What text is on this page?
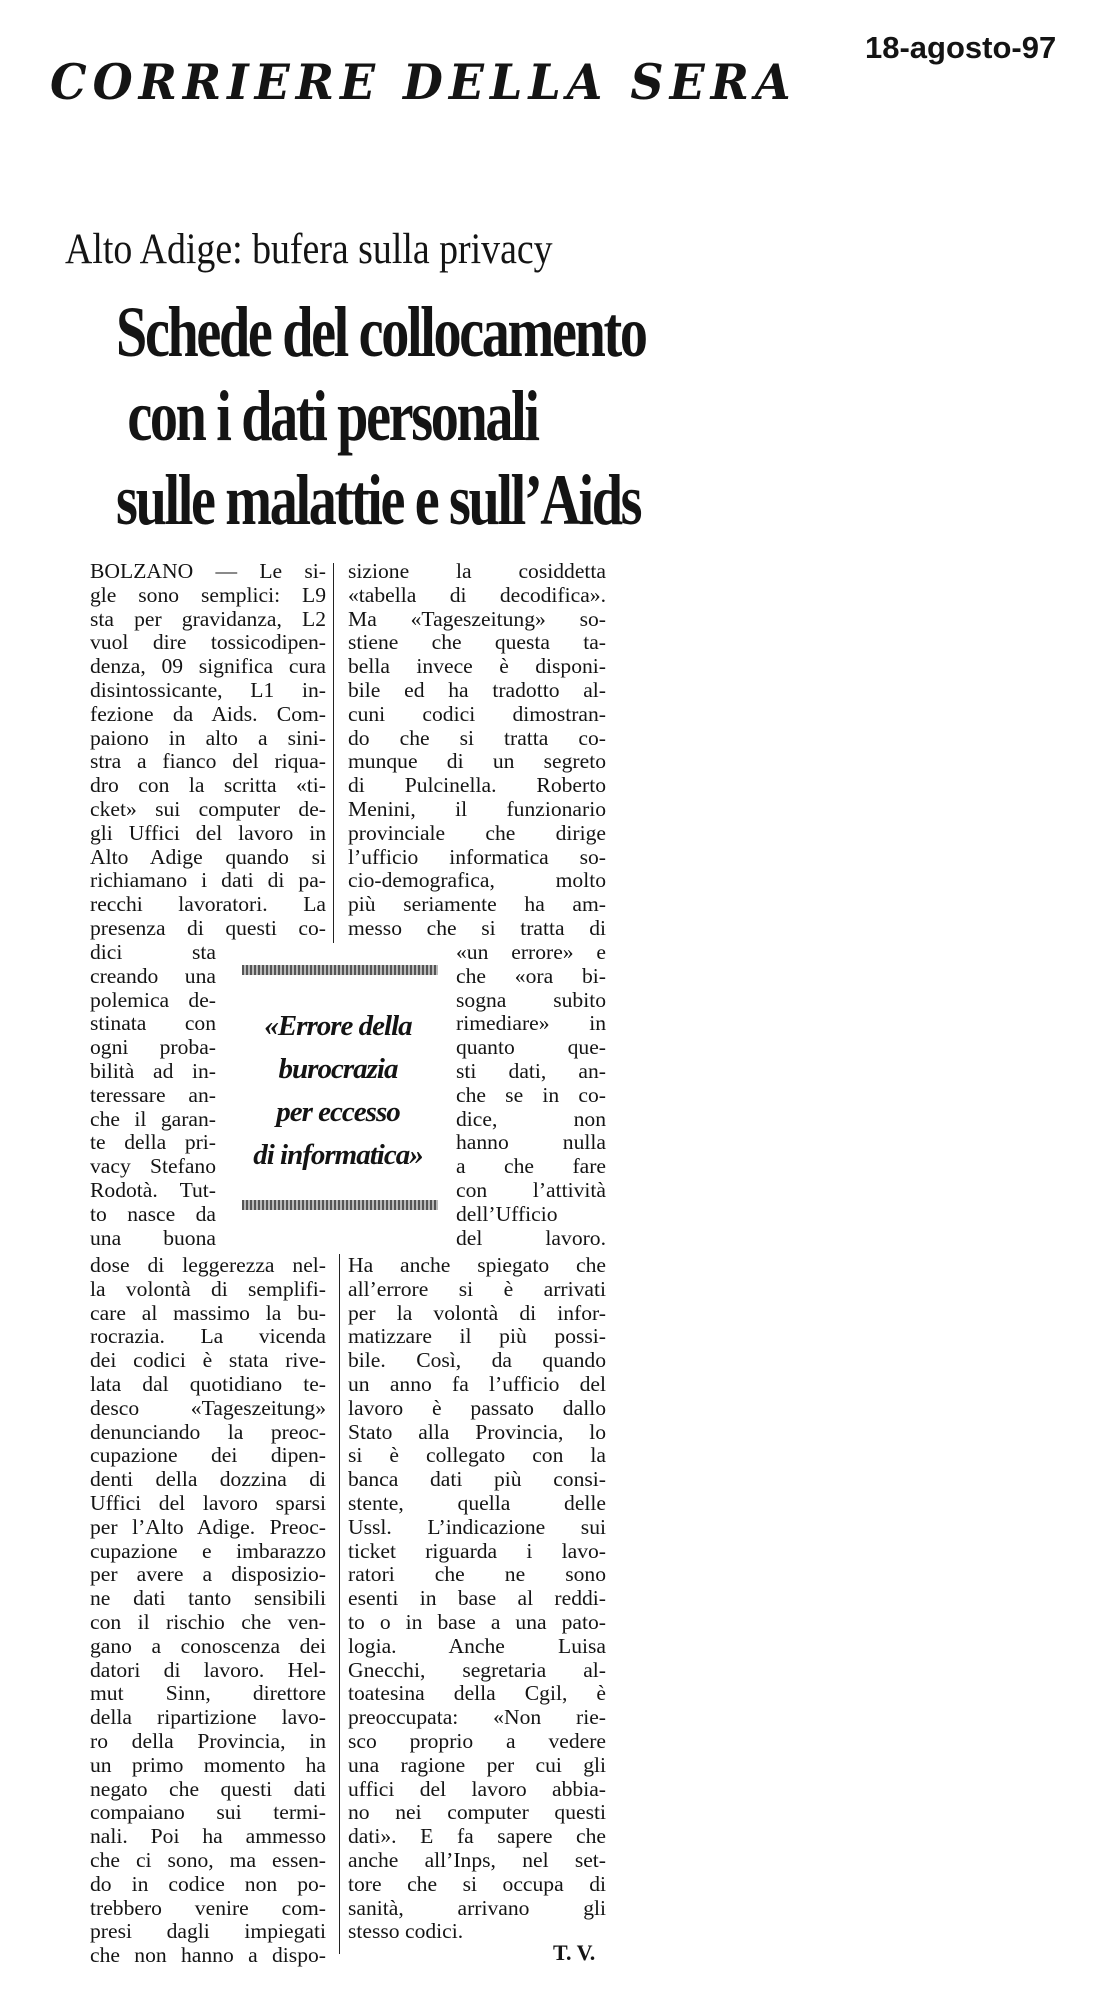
CORRIERE DELLA SERA
18-agosto-97
Alto Adige: bufera sulla privacy
Schede del collocamento
con i dati personali
sulle malattie e sull’Aids
BOLZANO — Le si-
gle sono semplici: L9
sta per gravidanza, L2
vuol dire tossicodipen-
denza, 09 significa cura
disintossicante, L1 in-
fezione da Aids. Com-
paiono in alto a sini-
stra a fianco del riqua-
dro con la scritta «ti-
cket» sui computer de-
gli Uffici del lavoro in
Alto Adige quando si
richiamano i dati di pa-
recchi lavoratori. La
presenza di questi co-
dici sta
creando una
polemica de-
stinata con
ogni proba-
bilità ad in-
teressare an-
che il garan-
te della pri-
vacy Stefano
Rodotà. Tut-
to nasce da
una buona
dose di leggerezza nel-
la volontà di semplifi-
care al massimo la bu-
rocrazia. La vicenda
dei codici è stata rive-
lata dal quotidiano te-
desco «Tageszeitung»
denunciando la preoc-
cupazione dei dipen-
denti della dozzina di
Uffici del lavoro sparsi
per l’Alto Adige. Preoc-
cupazione e imbarazzo
per avere a disposizio-
ne dati tanto sensibili
con il rischio che ven-
gano a conoscenza dei
datori di lavoro. Hel-
mut Sinn, direttore
della ripartizione lavo-
ro della Provincia, in
un primo momento ha
negato che questi dati
compaiano sui termi-
nali. Poi ha ammesso
che ci sono, ma essen-
do in codice non po-
trebbero venire com-
presi dagli impiegati
che non hanno a dispo-
sizione la cosiddetta
«tabella di decodifica».
Ma «Tageszeitung» so-
stiene che questa ta-
bella invece è disponi-
bile ed ha tradotto al-
cuni codici dimostran-
do che si tratta co-
munque di un segreto
di Pulcinella. Roberto
Menini, il funzionario
provinciale che dirige
l’ufficio informatica so-
cio-demografica, molto
più seriamente ha am-
messo che si tratta di
«un errore» e
che «ora bi-
sogna subito
rimediare» in
quanto que-
sti dati, an-
che se in co-
dice, non
hanno nulla
a che fare
con l’attività
dell’Ufficio
del lavoro.
Ha anche spiegato che
all’errore si è arrivati
per la volontà di infor-
matizzare il più possi-
bile. Così, da quando
un anno fa l’ufficio del
lavoro è passato dallo
Stato alla Provincia, lo
si è collegato con la
banca dati più consi-
stente, quella delle
Ussl. L’indicazione sui
ticket riguarda i lavo-
ratori che ne sono
esenti in base al reddi-
to o in base a una pato-
logia. Anche Luisa
Gnecchi, segretaria al-
toatesina della Cgil, è
preoccupata: «Non rie-
sco proprio a vedere
una ragione per cui gli
uffici del lavoro abbia-
no nei computer questi
dati». E fa sapere che
anche all’Inps, nel set-
tore che si occupa di
sanità, arrivano gli
stesso codici.
«Errore della
burocrazia
per eccesso
di informatica»
T. V.
